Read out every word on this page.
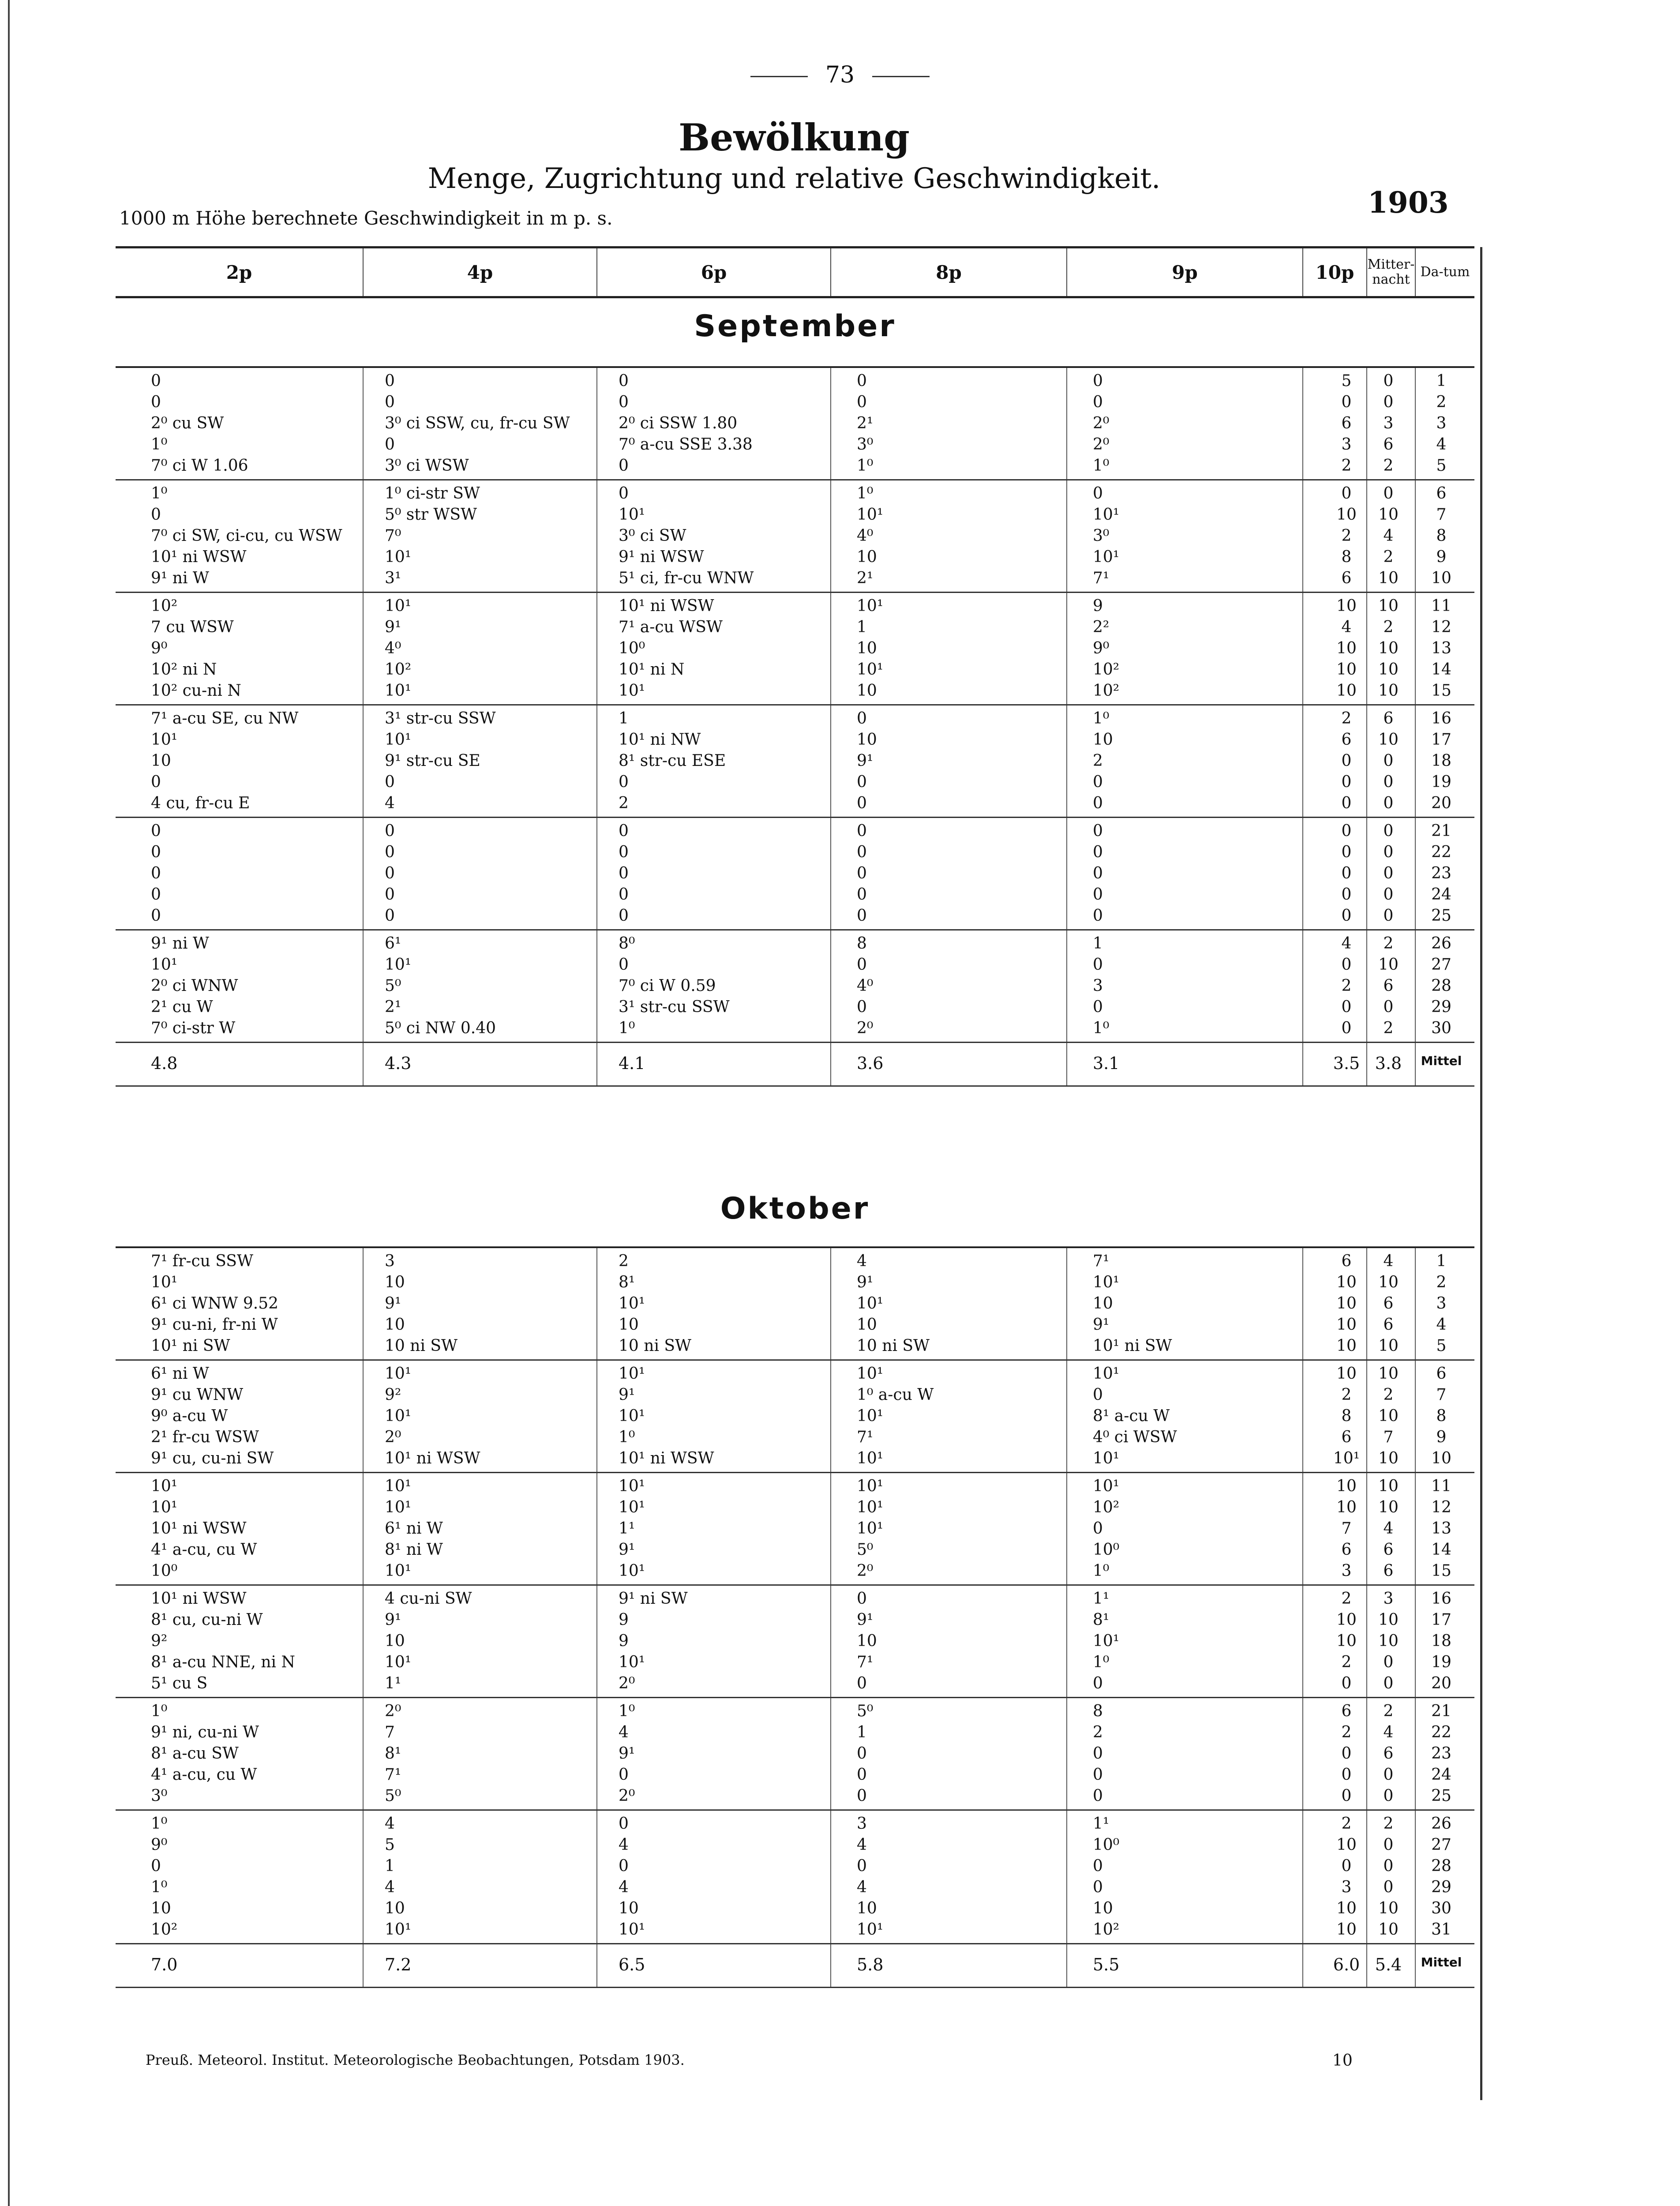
73
Bewölkung
Menge, Zugrichtung und relative Geschwindigkeit.
1903
1000 m Höhe berechnete Geschwindigkeit in m p. s.
2p	4p	6p	8p	9p	10p	Mitter-nacht Da-tum
September
0	0	0	0	0	5	0	1
0	0	0	0	0	0	0	2
2⁰ cu SW	3⁰ ci SSW, cu, fr-cu SW	2⁰ ci SSW 1.80	2¹	2⁰	6	3	3
1⁰	0	7⁰ a-cu SSE 3.38	3⁰	2⁰	3	6	4
7⁰ ci W 1.06	3⁰ ci WSW	0	1⁰	1⁰	2	2	5
1⁰	1⁰ ci-str SW	0	1⁰	0	0	0	6
0	5⁰ str WSW	10¹	10¹	10¹	10	10	7
7⁰ ci SW, ci-cu, cu WSW	7⁰	3⁰ ci SW	4⁰	3⁰	2	4	8
10¹ ni WSW	10¹	9¹ ni WSW	10	10¹	8	2	9
9¹ ni W	3¹	5¹ ci, fr-cu WNW	2¹	7¹	6	10	10
10²	10¹	10¹ ni WSW	10¹	9	10	10	11
7 cu WSW	9¹	7¹ a-cu WSW	1	2²	4	2	12
9⁰	4⁰	10⁰	10	9⁰	10	10	13
10² ni N	10²	10¹ ni N	10¹	10²	10	10	14
10² cu-ni N	10¹	10¹	10	10²	10	10	15
7¹ a-cu SE, cu NW	3¹ str-cu SSW	1	0	1⁰	2	6	16
10¹	10¹	10¹ ni NW	10	10	6	10	17
10	9¹ str-cu SE	8¹ str-cu ESE	9¹	2	0	0	18
0	0	0	0	0	0	0	19
4 cu, fr-cu E	4	2	0	0	0	0	20
0	0	0	0	0	0	0	21
0	0	0	0	0	0	0	22
0	0	0	0	0	0	0	23
0	0	0	0	0	0	0	24
0	0	0	0	0	0	0	25
9¹ ni W	6¹	8⁰	8	1	4	2	26
10¹	10¹	0	0	0	0	10	27
2⁰ ci WNW	5⁰	7⁰ ci W 0.59	4⁰	3	2	6	28
2¹ cu W	2¹	3¹ str-cu SSW	0	0	0	0	29
7⁰ ci-str W	5⁰ ci NW 0.40	1⁰	2⁰	1⁰	0	2	30
4.8	4.3	4.1	3.6	3.1	3.5 3.8	Mittel
Oktober
7¹ fr-cu SSW	3	2	4	7¹	6	4	1
10¹	10	8¹	9¹	10¹	10	10	2
6¹ ci WNW 9.52	9¹	10¹	10¹	10	10	6	3
9¹ cu-ni, fr-ni W	10	10	10	9¹	10	6	4
10¹ ni SW	10 ni SW	10 ni SW	10 ni SW	10¹ ni SW	10	10	5
6¹ ni W	10¹	10¹	10¹	10¹	10	10	6
9¹ cu WNW	9²	9¹	1⁰ a-cu W	0	2	2	7
9⁰ a-cu W	10¹	10¹	10¹	8¹ a-cu W	8	10	8
2¹ fr-cu WSW	2⁰	1⁰	7¹	4⁰ ci WSW	6	7	9
9¹ cu, cu-ni SW	10¹ ni WSW	10¹ ni WSW	10¹	10¹	10¹	10	10
10¹	10¹	10¹	10¹	10¹	10	10	11
10¹	10¹	10¹	10¹	10²	10	10	12
10¹ ni WSW	6¹ ni W	1¹	10¹	0	7	4	13
4¹ a-cu, cu W	8¹ ni W	9¹	5⁰	10⁰	6	6	14
10⁰	10¹	10¹	2⁰	1⁰	3	6	15
10¹ ni WSW	4 cu-ni SW	9¹ ni SW	0	1¹	2	3	16
8¹ cu, cu-ni W	9¹	9	9¹	8¹	10	10	17
9²	10	9	10	10¹	10	10	18
8¹ a-cu NNE, ni N	10¹	10¹	7¹	1⁰	2	0	19
5¹ cu S	1¹	2⁰	0	0	0	0	20
1⁰	2⁰	1⁰	5⁰	8	6	2	21
9¹ ni, cu-ni W	7	4	1	2	2	4	22
8¹ a-cu SW	8¹	9¹	0	0	0	6	23
4¹ a-cu, cu W	7¹	0	0	0	0	0	24
3⁰	5⁰	2⁰	0	0	0	0	25
1⁰	4	0	3	1¹	2	2	26
9⁰	5	4	4	10⁰	10	0	27
0	1	0	0	0	0	0	28
1⁰	4	4	4	0	3	0	29
10	10	10	10	10	10	10	30
10²	10¹	10¹	10¹	10²	10	10	31
7.0	7.2	6.5	5.8	5.5	6.0 5.4	Mittel
Preuß. Meteorol. Institut. Meteorologische Beobachtungen, Potsdam 1903.	10
